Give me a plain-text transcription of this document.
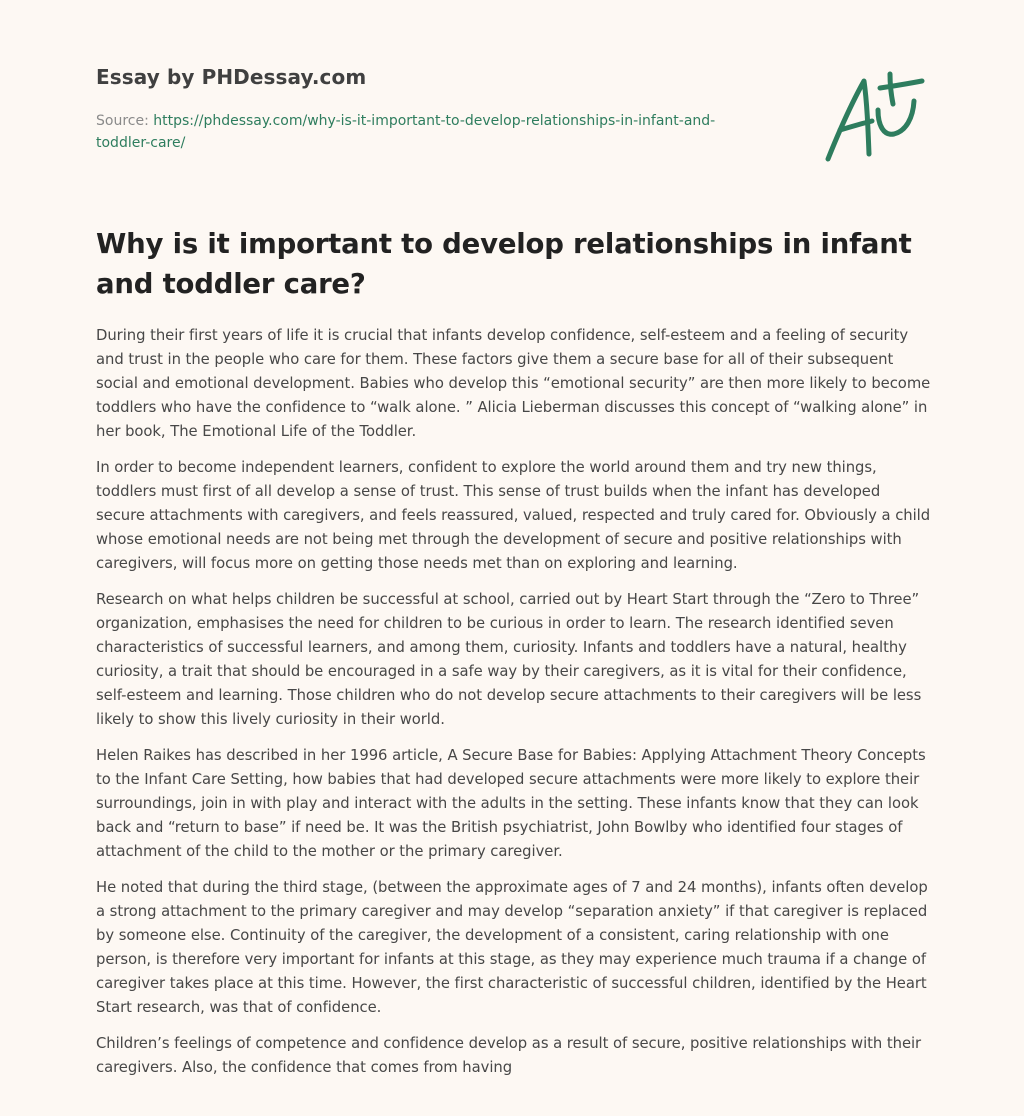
Essay by PHDessay.com
Source: https://phdessay.com/why-is-it-important-to-develop-relationships-in-infant-and-toddler-care/
Why is it important to develop relationships in infant and toddler care?

During their first years of life it is crucial that infants develop confidence, self-esteem and a feeling of security and trust in the people who care for them. These factors give them a secure base for all of their subsequent social and emotional development. Babies who develop this “emotional security” are then more likely to become toddlers who have the confidence to “walk alone. ” Alicia Lieberman discusses this concept of “walking alone” in her book, The Emotional Life of the Toddler.

In order to become independent learners, confident to explore the world around them and try new things, toddlers must first of all develop a sense of trust. This sense of trust builds when the infant has developed secure attachments with caregivers, and feels reassured, valued, respected and truly cared for. Obviously a child whose emotional needs are not being met through the development of secure and positive relationships with caregivers, will focus more on getting those needs met than on exploring and learning.

Research on what helps children be successful at school, carried out by Heart Start through the “Zero to Three” organization, emphasises the need for children to be curious in order to learn. The research identified seven characteristics of successful learners, and among them, curiosity. Infants and toddlers have a natural, healthy curiosity, a trait that should be encouraged in a safe way by their caregivers, as it is vital for their confidence, self-esteem and learning. Those children who do not develop secure attachments to their caregivers will be less likely to show this lively curiosity in their world.

Helen Raikes has described in her 1996 article, A Secure Base for Babies: Applying Attachment Theory Concepts to the Infant Care Setting, how babies that had developed secure attachments were more likely to explore their surroundings, join in with play and interact with the adults in the setting. These infants know that they can look back and “return to base” if need be. It was the British psychiatrist, John Bowlby who identified four stages of attachment of the child to the mother or the primary caregiver.

He noted that during the third stage, (between the approximate ages of 7 and 24 months), infants often develop a strong attachment to the primary caregiver and may develop “separation anxiety” if that caregiver is replaced by someone else. Continuity of the caregiver, the development of a consistent, caring relationship with one person, is therefore very important for infants at this stage, as they may experience much trauma if a change of caregiver takes place at this time. However, the first characteristic of successful children, identified by the Heart Start research, was that of confidence.

Children’s feelings of competence and confidence develop as a result of secure, positive relationships with their caregivers. Also, the confidence that comes from having
